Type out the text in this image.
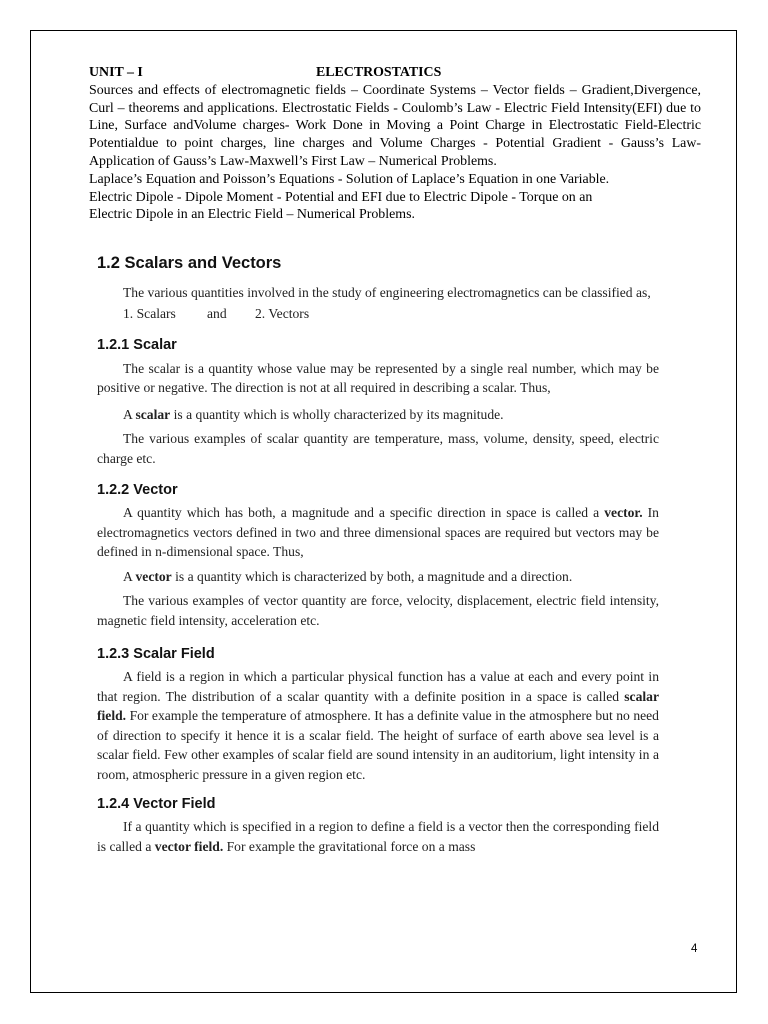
UNIT – I	ELECTROSTATICS

Sources and effects of electromagnetic fields – Coordinate Systems – Vector fields – Gradient,Divergence, Curl – theorems and applications. Electrostatic Fields - Coulomb’s Law - Electric Field Intensity(EFI) due to Line, Surface andVolume charges- Work Done in Moving a Point Charge in Electrostatic Field-Electric Potentialdue to point charges, line charges and Volume Charges - Potential Gradient - Gauss’s Law-Application of Gauss’s Law-Maxwell’s First Law – Numerical Problems.

Laplace’s Equation and Poisson’s Equations - Solution of Laplace’s Equation in one Variable.

Electric Dipole - Dipole Moment - Potential and EFI due to Electric Dipole - Torque on an

Electric Dipole in an Electric Field – Numerical Problems.

1.2 Scalars and Vectors

The various quantities involved in the study of engineering electromagnetics can be classified as,

1. Scalars and 2. Vectors
1.2.1 Scalar

The scalar is a quantity whose value may be represented by a single real number, which may be positive or negative. The direction is not at all required in describing a scalar. Thus,

A scalar is a quantity which is wholly characterized by its magnitude.

The various examples of scalar quantity are temperature, mass, volume, density, speed, electric charge etc.

1.2.2 Vector

A quantity which has both, a magnitude and a specific direction in space is called a vector. In electromagnetics vectors defined in two and three dimensional spaces are required but vectors may be defined in n-dimensional space. Thus,

A vector is a quantity which is characterized by both, a magnitude and a direction.

The various examples of vector quantity are force, velocity, displacement, electric field intensity, magnetic field intensity, acceleration etc.

1.2.3 Scalar Field

A field is a region in which a particular physical function has a value at each and every point in that region. The distribution of a scalar quantity with a definite position in a space is called scalar field. For example the temperature of atmosphere. It has a definite value in the atmosphere but no need of direction to specify it hence it is a scalar field. The height of surface of earth above sea level is a scalar field. Few other examples of scalar field are sound intensity in an auditorium, light intensity in a room, atmospheric pressure in a given region etc.

1.2.4 Vector Field

If a quantity which is specified in a region to define a field is a vector then the corresponding field is called a vector field. For example the gravitational force on a mass

4
